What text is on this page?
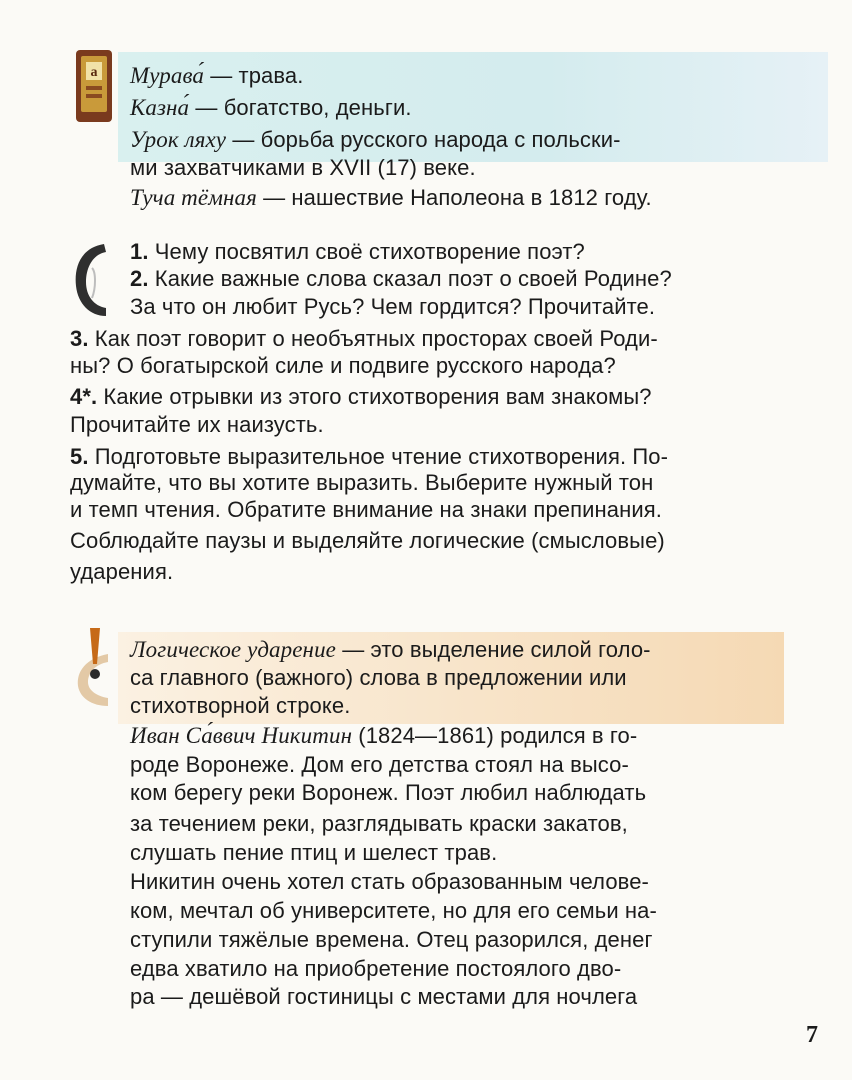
а Мурава́ — трава.
Казна́ — богатство, деньги.
Урок ляху — борьба русского народа с польски-
ми захватчиками в XVII (17) веке.
Туча тёмная — нашествие Наполеона в 1812 году.
1. Чему посвятил своё стихотворение поэт?
2. Какие важные слова сказал поэт о своей Родине?
За что он любит Русь? Чем гордится? Прочитайте.
3. Как поэт говорит о необъятных просторах своей Роди-
ны? О богатырской силе и подвиге русского народа?
4*. Какие отрывки из этого стихотворения вам знакомы?
Прочитайте их наизусть.
5. Подготовьте выразительное чтение стихотворения. По-
думайте, что вы хотите выразить. Выберите нужный тон
и темп чтения. Обратите внимание на знаки препинания.
Соблюдайте паузы и выделяйте логические (смысловые)
ударения.
Логическое ударение — это выделение силой голо-
са главного (важного) слова в предложении или
стихотворной строке.
Иван Са́ввич Никитин (1824—1861) родился в го-
роде Воронеже. Дом его детства стоял на высо-
ком берегу реки Воронеж. Поэт любил наблюдать
за течением реки, разглядывать краски закатов,
слушать пение птиц и шелест трав.
Никитин очень хотел стать образованным челове-
ком, мечтал об университете, но для его семьи на-
ступили тяжёлые времена. Отец разорился, денег
едва хватило на приобретение постоялого дво-
ра — дешёвой гостиницы с местами для ночлега
7
